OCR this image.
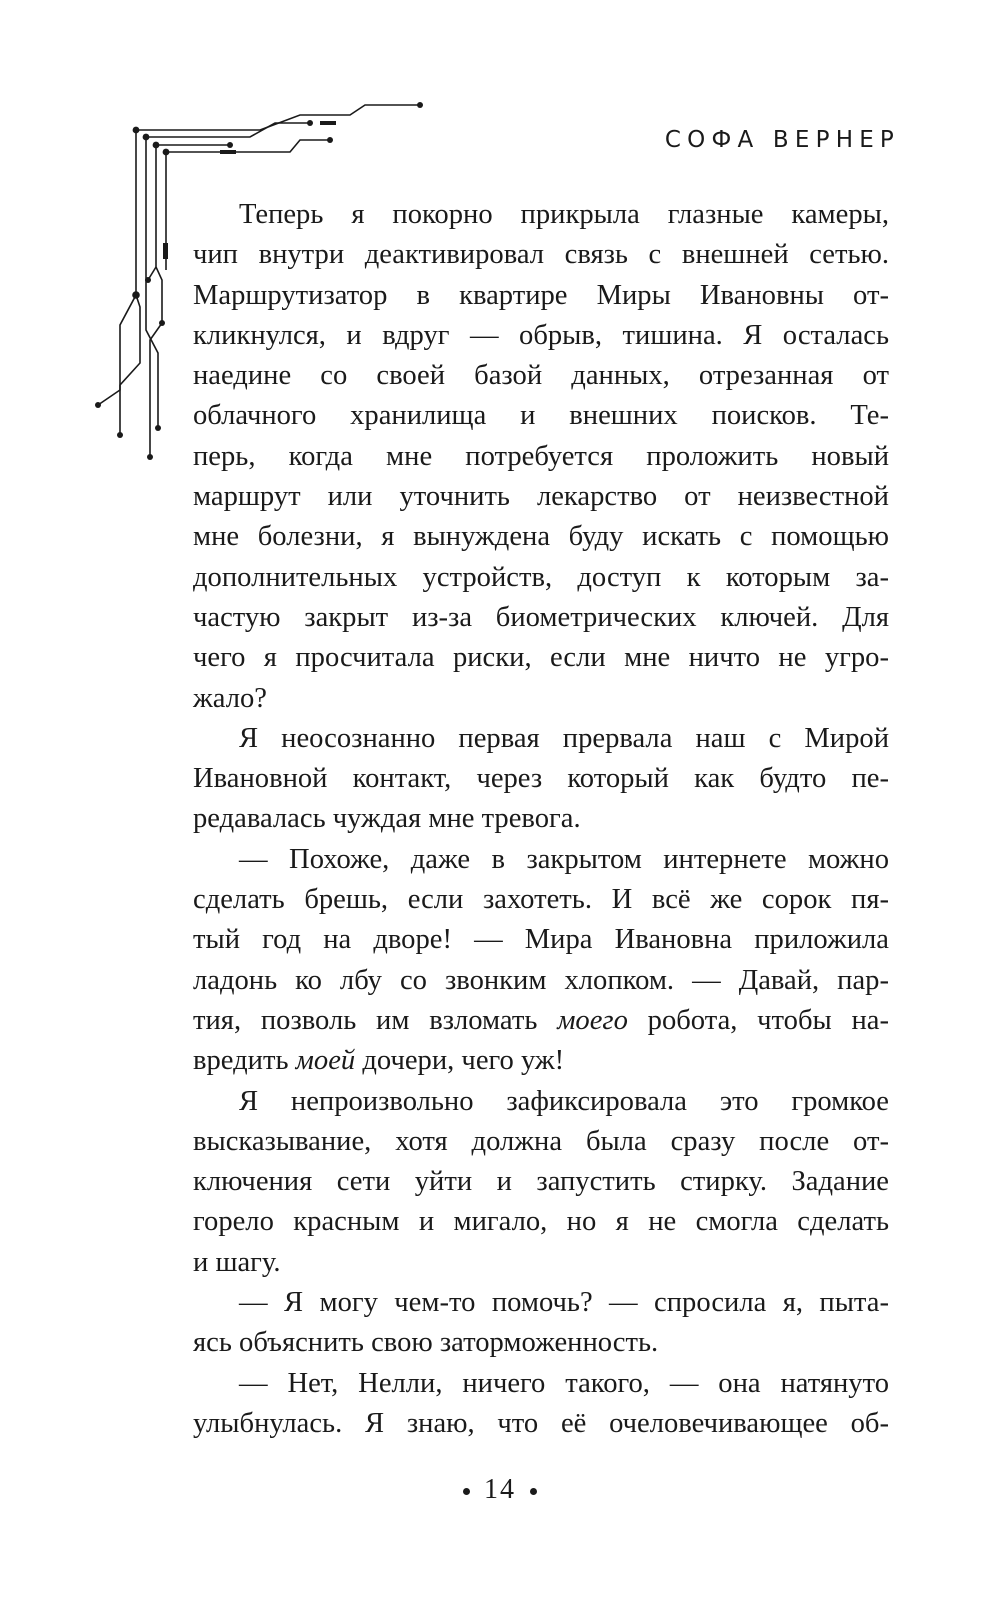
СОФА ВЕРНЕР
Теперь я покорно прикрыла глазные камеры,
чип внутри деактивировал связь с внешней сетью.
Маршрутизатор в квартире Миры Ивановны от-
кликнулся, и вдруг — обрыв, тишина. Я осталась
наедине со своей базой данных, отрезанная от
облачного хранилища и внешних поисков. Те-
перь, когда мне потребуется проложить новый
маршрут или уточнить лекарство от неизвестной
мне болезни, я вынуждена буду искать с помощью
дополнительных устройств, доступ к которым за-
частую закрыт из-за биометрических ключей. Для
чего я просчитала риски, если мне ничто не угро-
жало?
Я неосознанно первая прервала наш с Мирой
Ивановной контакт, через который как будто пе-
редавалась чуждая мне тревога.
— Похоже, даже в закрытом интернете можно
сделать брешь, если захотеть. И всё же сорок пя-
тый год на дворе! — Мира Ивановна приложила
ладонь ко лбу со звонким хлопком. — Давай, пар-
тия, позволь им взломать моего робота, чтобы на-
вредить моей дочери, чего уж!
Я непроизвольно зафиксировала это громкое
высказывание, хотя должна была сразу после от-
ключения сети уйти и запустить стирку. Задание
горело красным и мигало, но я не смогла сделать
и шагу.
— Я могу чем-то помочь? — спросила я, пыта-
ясь объяснить свою заторможенность.
— Нет, Нелли, ничего такого, — она натянуто
улыбнулась. Я знаю, что её очеловечивающее об-
14
